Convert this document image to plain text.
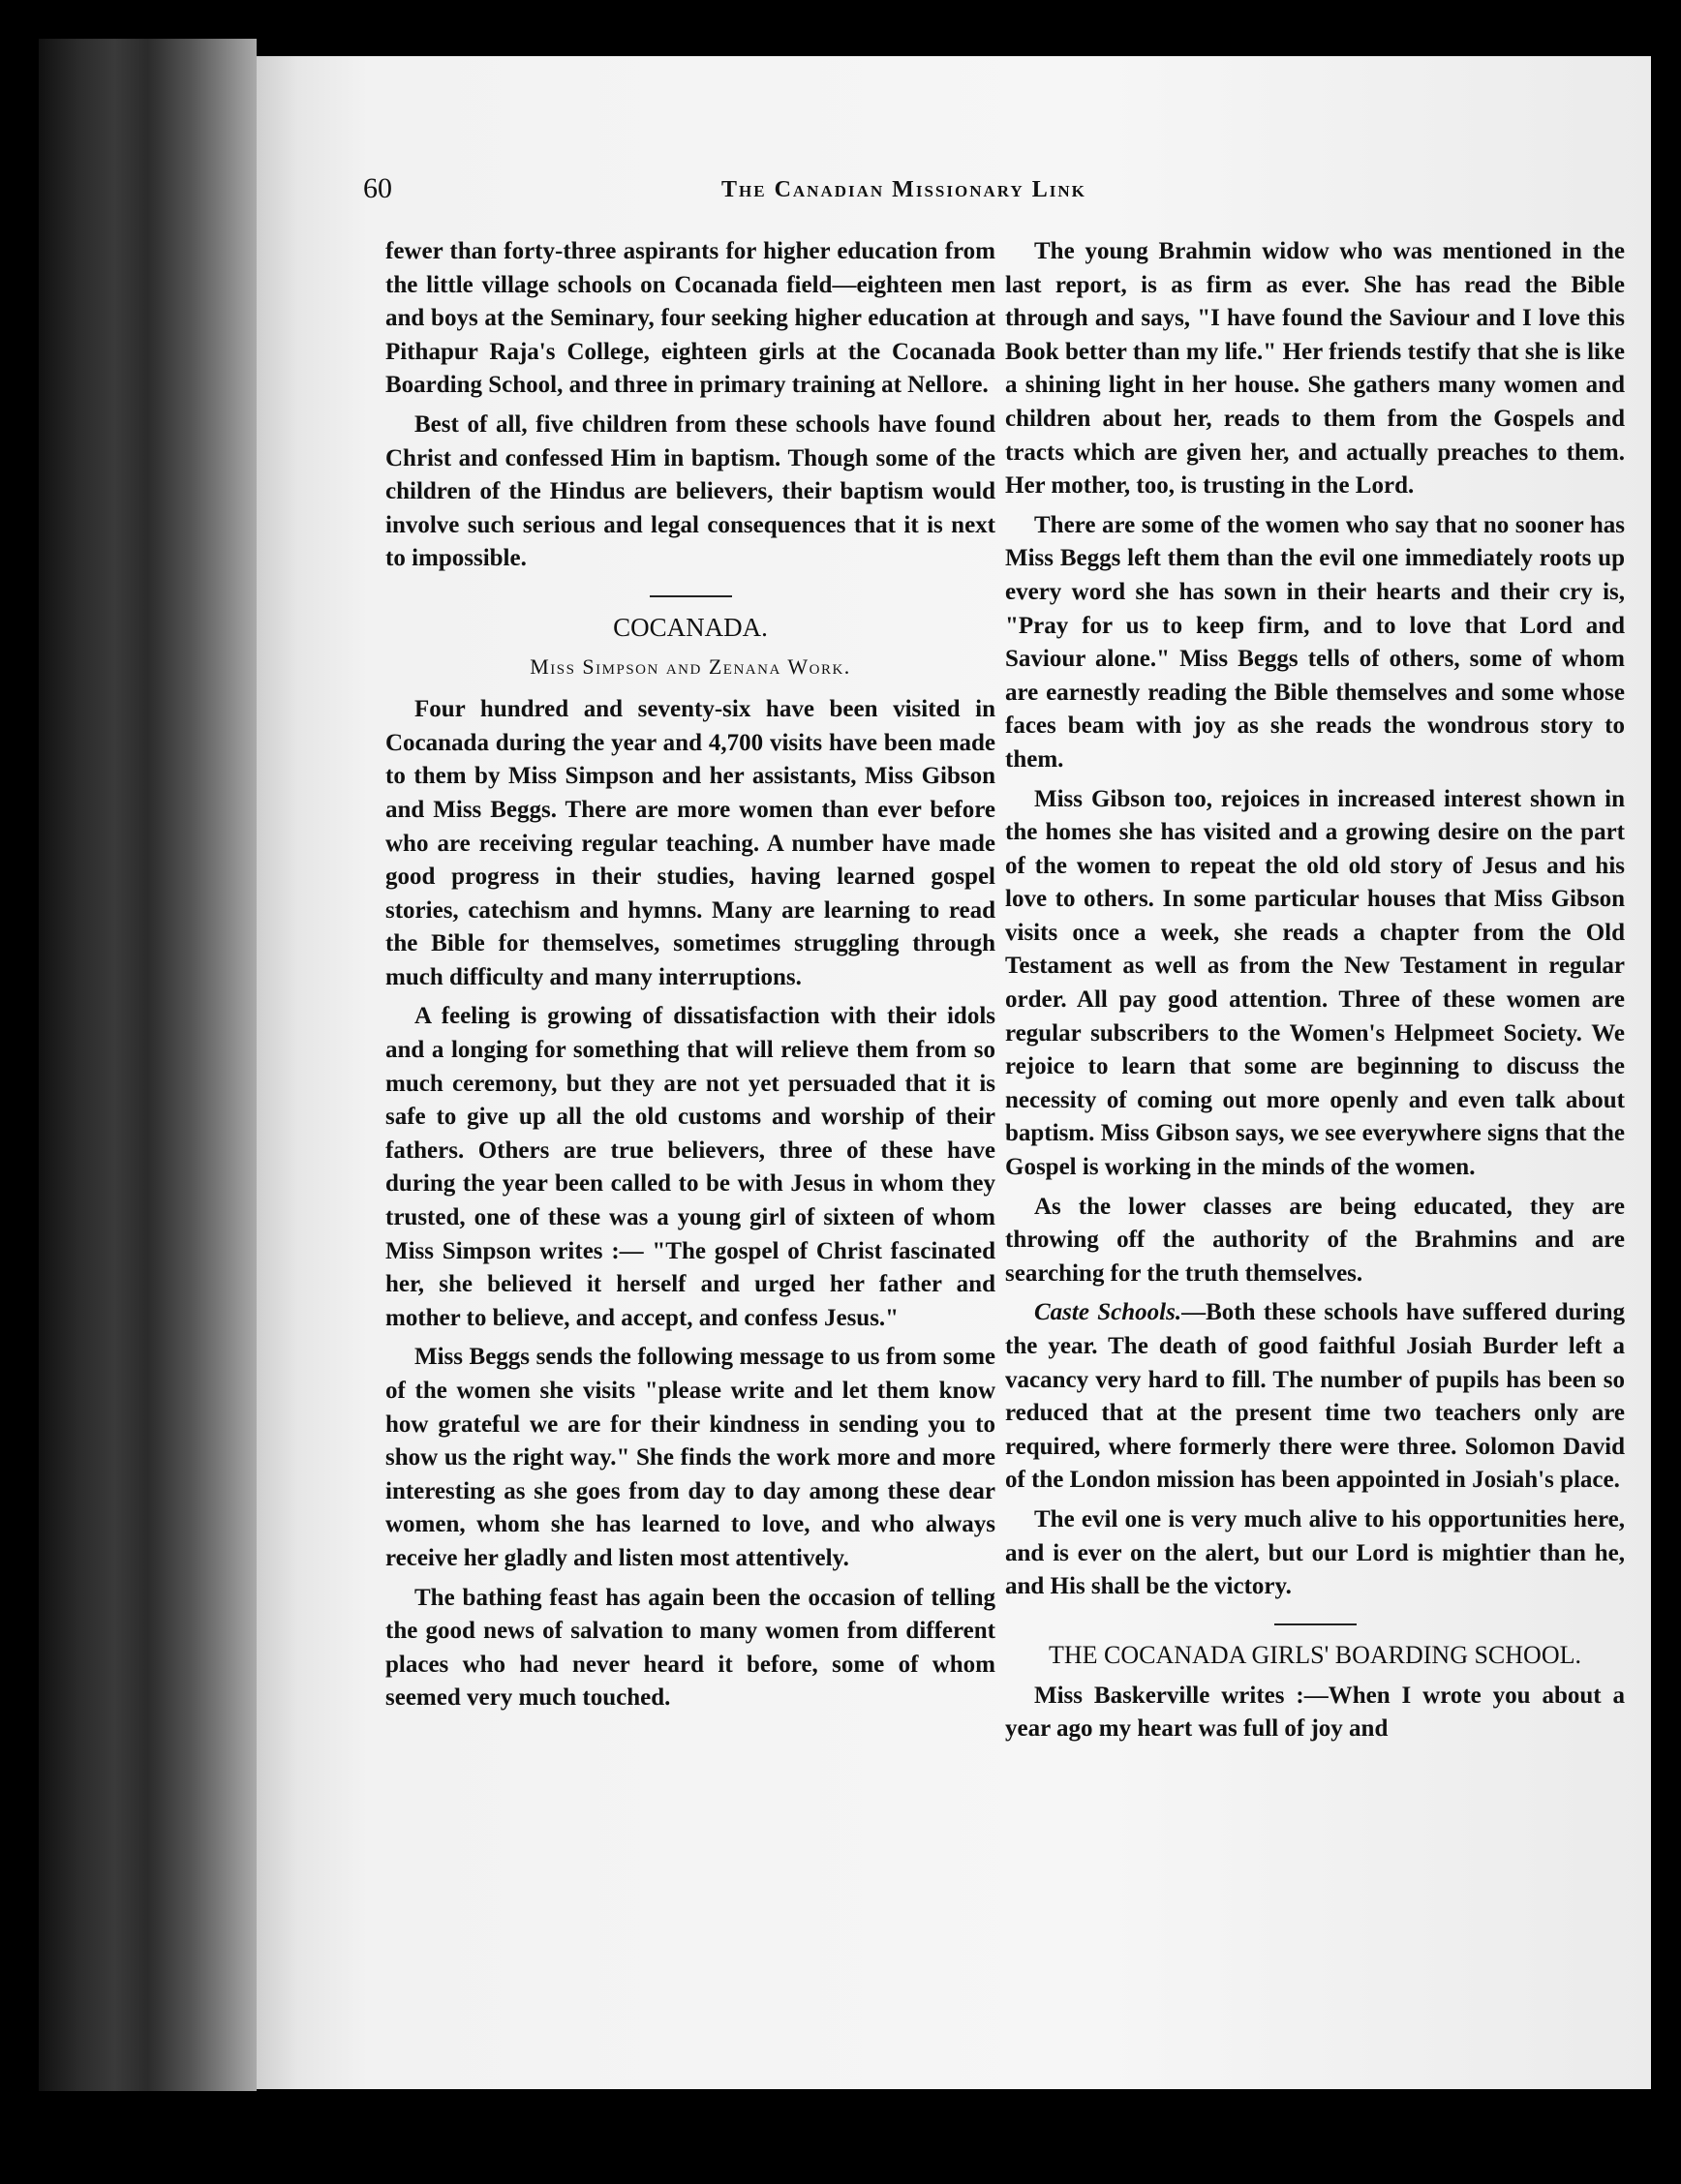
60	The Canadian Missionary Link

fewer than forty-three aspirants for higher education from the little village schools on Cocanada field—eighteen men and boys at the Seminary, four seeking higher education at Pithapur Raja's College, eighteen girls at the Cocanada Boarding School, and three in primary training at Nellore.

Best of all, five children from these schools have found Christ and confessed Him in baptism. Though some of the children of the Hindus are believers, their baptism would involve such serious and legal consequences that it is next to impossible.

COCANADA.
Miss Simpson and Zenana Work.

Four hundred and seventy-six have been visited in Cocanada during the year and 4,700 visits have been made to them by Miss Simpson and her assistants, Miss Gibson and Miss Beggs. There are more women than ever before who are receiving regular teaching. A number have made good progress in their studies, having learned gospel stories, catechism and hymns. Many are learning to read the Bible for themselves, sometimes struggling through much difficulty and many interruptions.

A feeling is growing of dissatisfaction with their idols and a longing for something that will relieve them from so much ceremony, but they are not yet persuaded that it is safe to give up all the old customs and worship of their fathers. Others are true believers, three of these have during the year been called to be with Jesus in whom they trusted, one of these was a young girl of sixteen of whom Miss Simpson writes :— "The gospel of Christ fascinated her, she believed it herself and urged her father and mother to believe, and accept, and confess Jesus."

Miss Beggs sends the following message to us from some of the women she visits "please write and let them know how grateful we are for their kindness in sending you to show us the right way." She finds the work more and more interesting as she goes from day to day among these dear women, whom she has learned to love, and who always receive her gladly and listen most attentively.

The bathing feast has again been the occasion of telling the good news of salvation to many women from different places who had never heard it before, some of whom seemed very much touched.

The young Brahmin widow who was mentioned in the last report, is as firm as ever. She has read the Bible through and says, "I have found the Saviour and I love this Book better than my life." Her friends testify that she is like a shining light in her house. She gathers many women and children about her, reads to them from the Gospels and tracts which are given her, and actually preaches to them. Her mother, too, is trusting in the Lord.

There are some of the women who say that no sooner has Miss Beggs left them than the evil one immediately roots up every word she has sown in their hearts and their cry is, "Pray for us to keep firm, and to love that Lord and Saviour alone." Miss Beggs tells of others, some of whom are earnestly reading the Bible themselves and some whose faces beam with joy as she reads the wondrous story to them.

Miss Gibson too, rejoices in increased interest shown in the homes she has visited and a growing desire on the part of the women to repeat the old old story of Jesus and his love to others. In some particular houses that Miss Gibson visits once a week, she reads a chapter from the Old Testament as well as from the New Testament in regular order. All pay good attention. Three of these women are regular subscribers to the Women's Helpmeet Society. We rejoice to learn that some are beginning to discuss the necessity of coming out more openly and even talk about baptism. Miss Gibson says, we see everywhere signs that the Gospel is working in the minds of the women.

As the lower classes are being educated, they are throwing off the authority of the Brahmins and are searching for the truth themselves.

Caste Schools.—Both these schools have suffered during the year. The death of good faithful Josiah Burder left a vacancy very hard to fill. The number of pupils has been so reduced that at the present time two teachers only are required, where formerly there were three. Solomon David of the London mission has been appointed in Josiah's place.

The evil one is very much alive to his opportunities here, and is ever on the alert, but our Lord is mightier than he, and His shall be the victory.

THE COCANADA GIRLS' BOARDING SCHOOL.

Miss Baskerville writes :—When I wrote you about a year ago my heart was full of joy and
